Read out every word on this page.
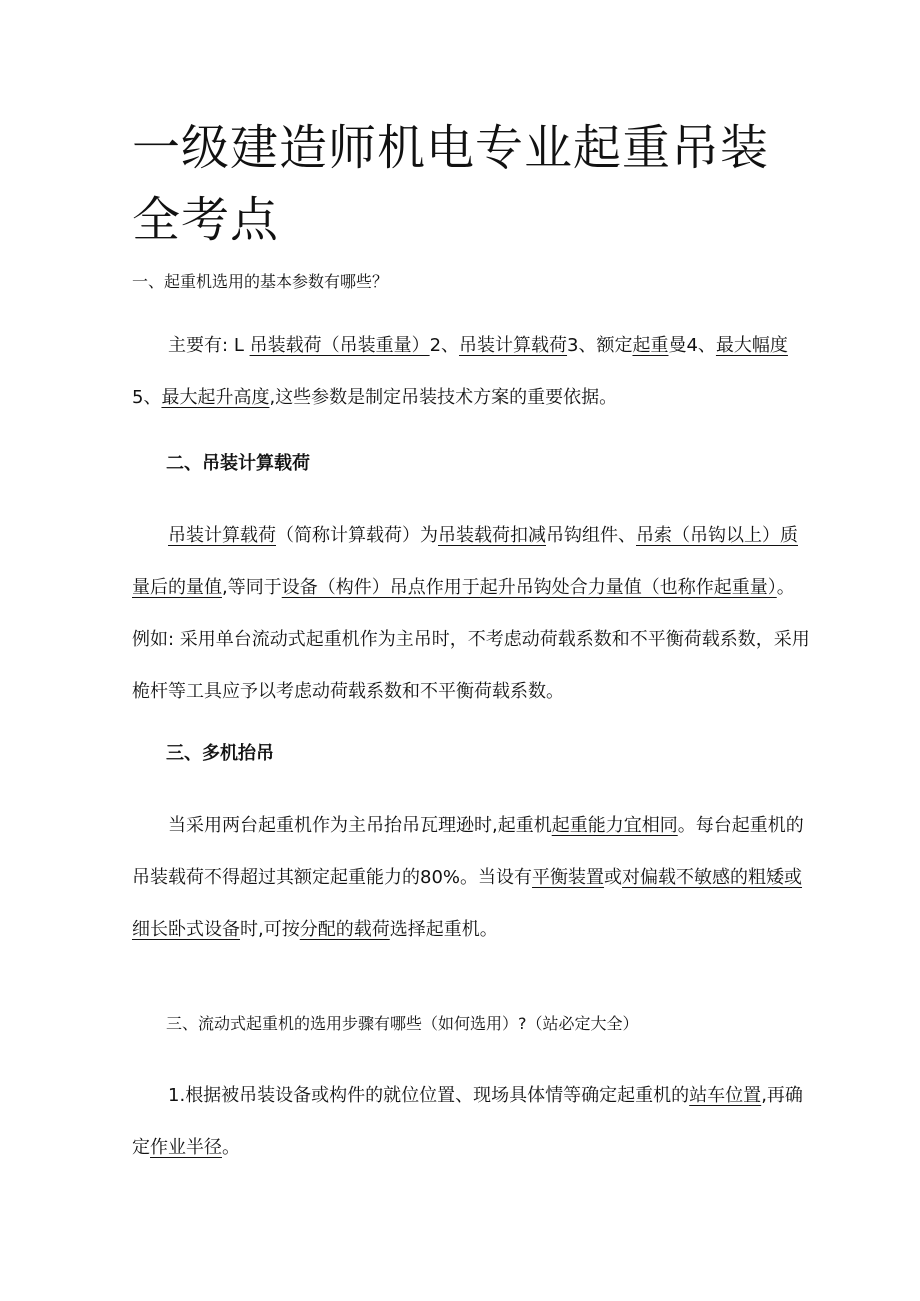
一级建造师机电专业起重吊装全考点
一、起重机选用的基本参数有哪些？

主要有: L 吊装载荷（吊装重量）2、吊装计算载荷3、额定起重曼4、最大幅度5、最大起升高度,这些参数是制定吊装技术方案的重要依据。

二、吊装计算载荷

吊装计算载荷（简称计算载荷）为吊装载荷扣减吊钩组件、吊索（吊钩以上）质量后的量值,等同于设备（构件）吊点作用于起升吊钩处合力量值（也称作起重量）。例如: 采用单台流动式起重机作为主吊时，不考虑动荷载系数和不平衡荷载系数，采用桅杆等工具应予以考虑动荷载系数和不平衡荷载系数。

三、多机抬吊

当采用两台起重机作为主吊抬吊瓦理逊时,起重机起重能力宜相同。每台起重机的吊装载荷不得超过其额定起重能力的80%。当设有平衡装置或对偏载不敏感的粗矮或细长卧式设备时,可按分配的载荷选择起重机。

三、流动式起重机的选用步骤有哪些（如何选用）?（站必定大全）

1.根据被吊装设备或构件的就位位置、现场具体情等确定起重机的站车位置,再确定作业半径。
